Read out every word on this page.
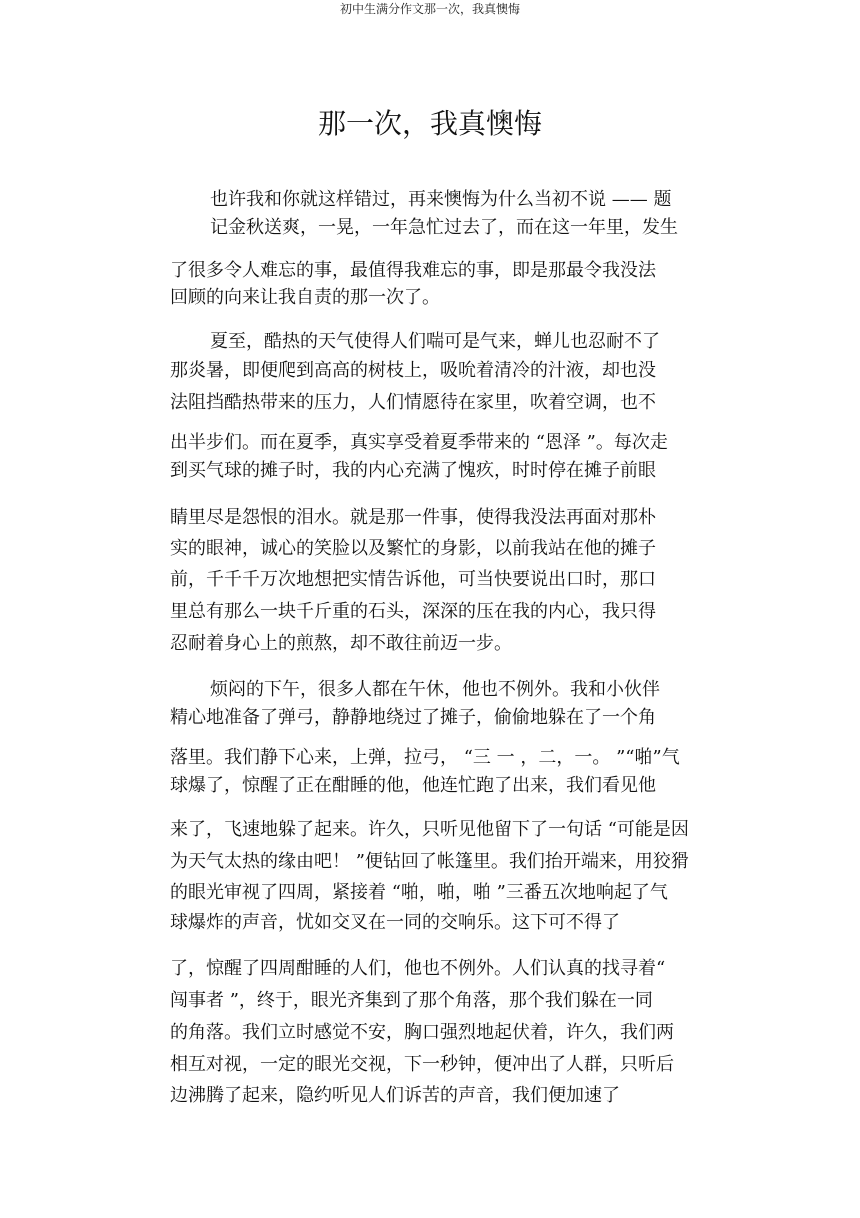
初中生满分作文那一次，我真懊悔
那一次，我真懊悔
也许我和你就这样错过，再来懊悔为什么当初不说 —— 题
记金秋送爽，一晃，一年急忙过去了，而在这一年里，发生
了很多令人难忘的事，最值得我难忘的事，即是那最令我没法
回顾的向来让我自责的那一次了。
夏至，酷热的天气使得人们喘可是气来，蝉儿也忍耐不了
那炎暑，即便爬到高高的树枝上，吸吮着清冷的汁液，却也没
法阻挡酷热带来的压力，人们情愿待在家里，吹着空调，也不
出半步们。而在夏季，真实享受着夏季带来的 “恩泽 ”。每次走
到买气球的摊子时，我的内心充满了愧疚，时时停在摊子前眼
睛里尽是怨恨的泪水。就是那一件事，使得我没法再面对那朴
实的眼神，诚心的笑脸以及繁忙的身影，以前我站在他的摊子
前，千千千万次地想把实情告诉他，可当快要说出口时，那口
里总有那么一块千斤重的石头，深深的压在我的内心，我只得
忍耐着身心上的煎熬，却不敢往前迈一步。
烦闷的下午，很多人都在午休，他也不例外。我和小伙伴
精心地准备了弹弓，静静地绕过了摊子，偷偷地躲在了一个角
落里。我们静下心来，上弹，拉弓， “三 一 ，二，一。 ”“啪”气
球爆了，惊醒了正在酣睡的他，他连忙跑了出来，我们看见他
来了，飞速地躲了起来。许久，只听见他留下了一句话 “可能是因
为天气太热的缘由吧！ ”便钻回了帐篷里。我们抬开端来，用狡猾
的眼光审视了四周，紧接着 “啪，啪，啪 ”三番五次地响起了气
球爆炸的声音，忧如交叉在一同的交响乐。这下可不得了
了，惊醒了四周酣睡的人们，他也不例外。人们认真的找寻着“
闯事者 ”，终于，眼光齐集到了那个角落，那个我们躲在一同
的角落。我们立时感觉不安，胸口强烈地起伏着，许久，我们两
相互对视，一定的眼光交视，下一秒钟，便冲出了人群，只听后
边沸腾了起来，隐约听见人们诉苦的声音，我们便加速了
